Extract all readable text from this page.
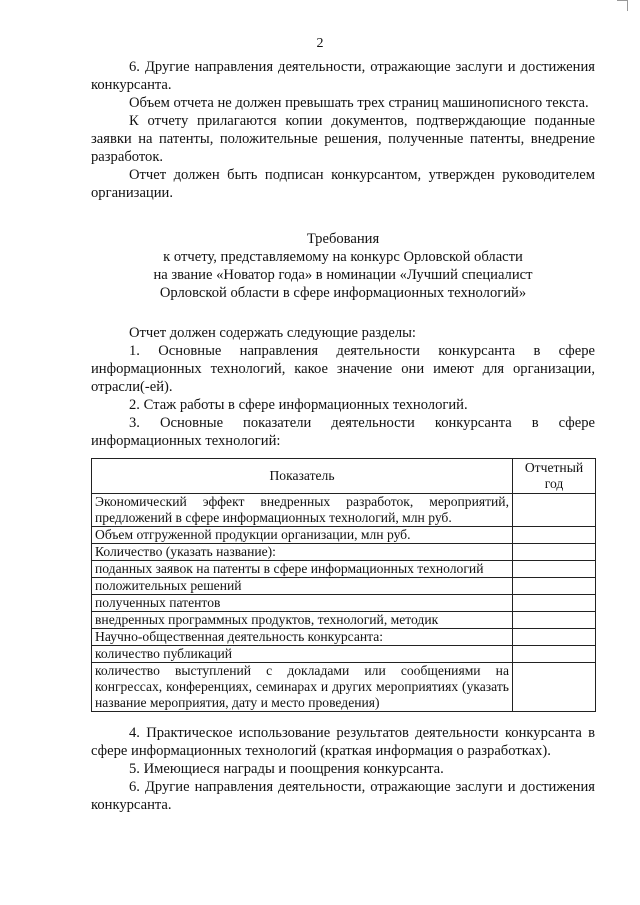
2

6. Другие направления деятельности, отражающие заслуги и достижения конкурсанта.

Объем отчета не должен превышать трех страниц машинописного текста.

К отчету прилагаются копии документов, подтверждающие поданные заявки на патенты, положительные решения, полученные патенты, внедрение разработок.

Отчет должен быть подписан конкурсантом, утвержден руководителем организации.

Требования

к отчету, представляемому на конкурс Орловской области

на звание «Новатор года» в номинации «Лучший специалист

Орловской области в сфере информационных технологий»

Отчет должен содержать следующие разделы:

1. Основные направления деятельности конкурсанта в сфере информационных технологий, какое значение они имеют для организации, отрасли(-ей).

2. Стаж работы в сфере информационных технологий.

3. Основные показатели деятельности конкурсанта в сфере информационных технологий:

Показатель	Отчетный год
Экономический эффект внедренных разработок, мероприятий, предложений в сфере информационных технологий, млн руб.	
Объем отгруженной продукции организации, млн руб.	
Количество (указать название):	
поданных заявок на патенты в сфере информационных технологий	
положительных решений	
полученных патентов	
внедренных программных продуктов, технологий, методик	
Научно-общественная деятельность конкурсанта:	
количество публикаций	
количество выступлений с докладами или сообщениями на конгрессах, конференциях, семинарах и других мероприятиях (указать название мероприятия, дату и место проведения)	

4. Практическое использование результатов деятельности конкурсанта в сфере информационных технологий (краткая информация о разработках).

5. Имеющиеся награды и поощрения конкурсанта.

6. Другие направления деятельности, отражающие заслуги и достижения конкурсанта.
